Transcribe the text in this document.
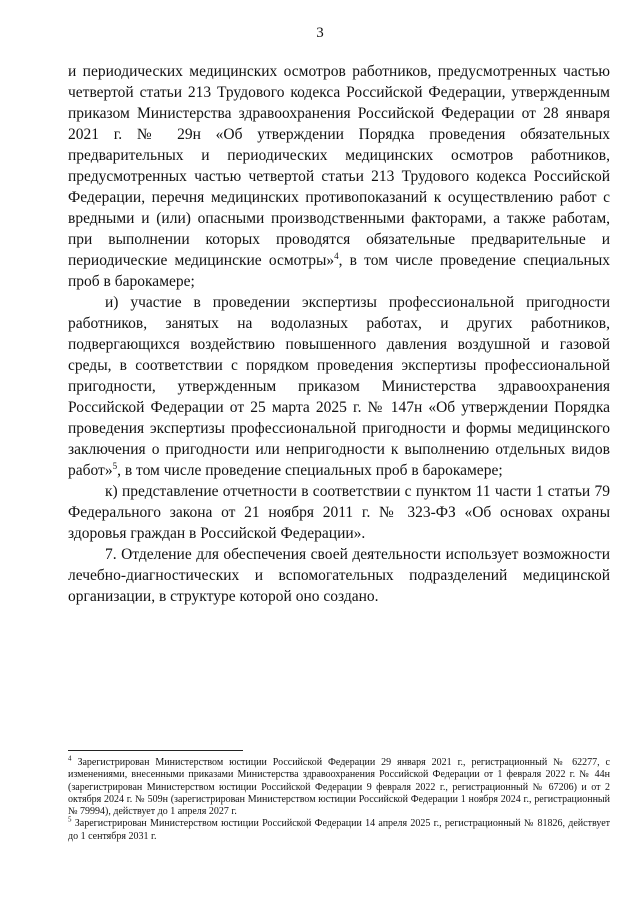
3

и периодических медицинских осмотров работников, предусмотренных частью четвертой статьи 213 Трудового кодекса Российской Федерации, утвержденным приказом Министерства здравоохранения Российской Федерации от 28 января 2021 г. № 29н «Об утверждении Порядка проведения обязательных предварительных и периодических медицинских осмотров работников, предусмотренных частью четвертой статьи 213 Трудового кодекса Российской Федерации, перечня медицинских противопоказаний к осуществлению работ с вредными и (или) опасными производственными факторами, а также работам, при выполнении которых проводятся обязательные предварительные и периодические медицинские осмотры»$^4$, в том числе проведение специальных проб в барокамере;

и) участие в проведении экспертизы профессиональной пригодности работников, занятых на водолазных работах, и других работников, подвергающихся воздействию повышенного давления воздушной и газовой среды, в соответствии с порядком проведения экспертизы профессиональной пригодности, утвержденным приказом Министерства здравоохранения Российской Федерации от 25 марта 2025 г. № 147н «Об утверждении Порядка проведения экспертизы профессиональной пригодности и формы медицинского заключения о пригодности или непригодности к выполнению отдельных видов работ»$^5$, в том числе проведение специальных проб в барокамере;

к) представление отчетности в соответствии с пунктом 11 части 1 статьи 79 Федерального закона от 21 ноября 2011 г. № 323-ФЗ «Об основах охраны здоровья граждан в Российской Федерации».

7. Отделение для обеспечения своей деятельности использует возможности лечебно-диагностических и вспомогательных подразделений медицинской организации, в структуре которой оно создано.

$^4$ Зарегистрирован Министерством юстиции Российской Федерации 29 января 2021 г., регистрационный № 62277, с изменениями, внесенными приказами Министерства здравоохранения Российской Федерации от 1 февраля 2022 г. № 44н (зарегистрирован Министерством юстиции Российской Федерации 9 февраля 2022 г., регистрационный № 67206) и от 2 октября 2024 г. № 509н (зарегистрирован Министерством юстиции Российской Федерации 1 ноября 2024 г., регистрационный № 79994), действует до 1 апреля 2027 г.

$^5$ Зарегистрирован Министерством юстиции Российской Федерации 14 апреля 2025 г., регистрационный № 81826, действует до 1 сентября 2031 г.
